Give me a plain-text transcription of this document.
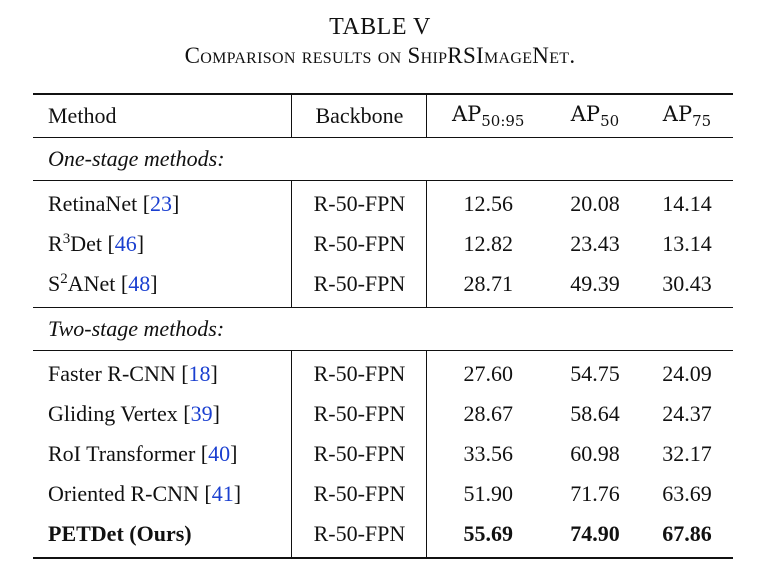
TABLE V
Comparison results on ShipRSImageNet.
Method	Backbone	$AP_{50:95}$	$AP_{50}$	$AP_{75}$
One-stage methods:				
RetinaNet [23]	R-50-FPN	12.56	20.08	14.14
$R^3Det$ [46]	R-50-FPN	12.82	23.43	13.14
$S^2ANet$ [48]	R-50-FPN	28.71	49.39	30.43
Two-stage methods:				
Faster R-CNN [18]	R-50-FPN	27.60	54.75	24.09
Gliding Vertex [39]	R-50-FPN	28.67	58.64	24.37
RoI Transformer [40]	R-50-FPN	33.56	60.98	32.17
Oriented R-CNN [41]	R-50-FPN	51.90	71.76	63.69
PETDet (Ours)	R-50-FPN	55.69	74.90	67.86
